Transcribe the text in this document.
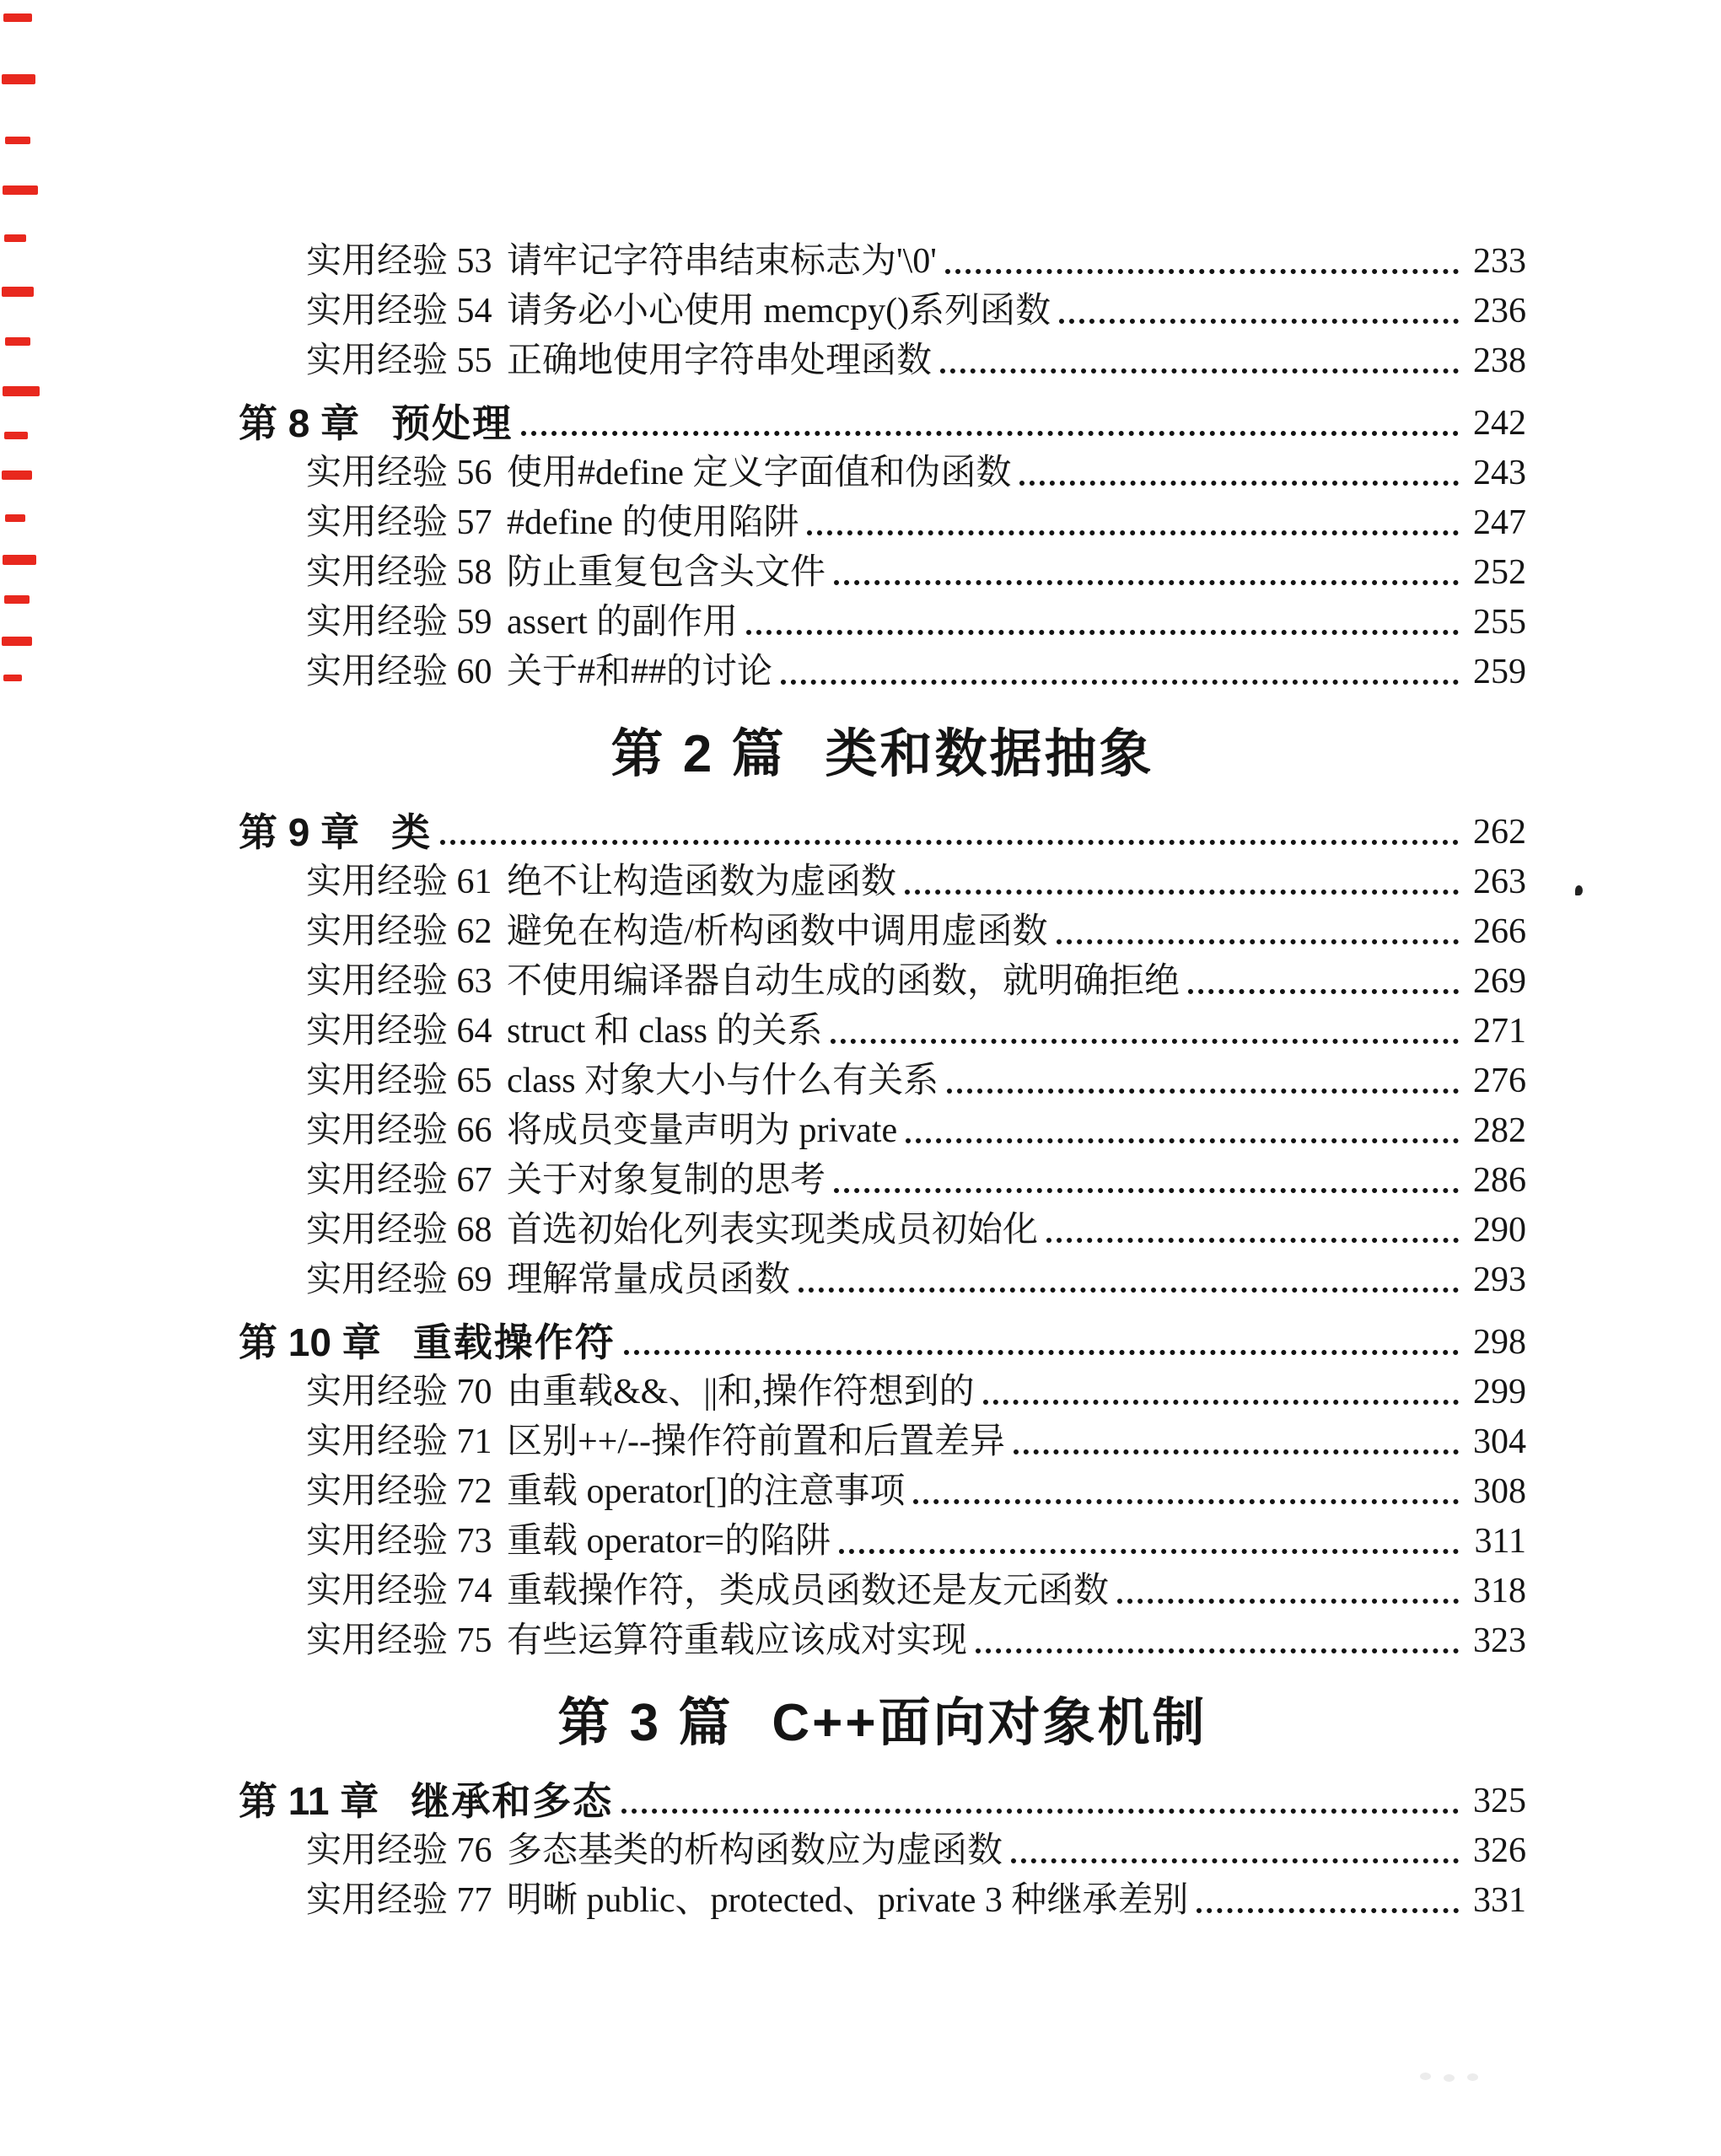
实用经验 53 请牢记字符串结束标志为'\0'	233
实用经验 54 请务必小心使用 memcpy()系列函数	236
实用经验 55 正确地使用字符串处理函数	238
第 8 章 预处理	242
实用经验 56 使用#define 定义字面值和伪函数	243
实用经验 57 #define 的使用陷阱	247
实用经验 58 防止重复包含头文件	252
实用经验 59 assert 的副作用	255
实用经验 60 关于#和##的讨论	259
第 2 篇 类和数据抽象
第 9 章 类	262
实用经验 61 绝不让构造函数为虚函数	263
实用经验 62 避免在构造/析构函数中调用虚函数	266
实用经验 63 不使用编译器自动生成的函数，就明确拒绝	269
实用经验 64 struct 和 class 的关系	271
实用经验 65 class 对象大小与什么有关系	276
实用经验 66 将成员变量声明为 private	282
实用经验 67 关于对象复制的思考	286
实用经验 68 首选初始化列表实现类成员初始化	290
实用经验 69 理解常量成员函数	293
第 10 章 重载操作符	298
实用经验 70 由重载&&、||和,操作符想到的	299
实用经验 71 区别++/--操作符前置和后置差异	304
实用经验 72 重载 operator[]的注意事项	308
实用经验 73 重载 operator=的陷阱	311
实用经验 74 重载操作符，类成员函数还是友元函数	318
实用经验 75 有些运算符重载应该成对实现	323
第 3 篇 C++面向对象机制
第 11 章 继承和多态	325
实用经验 76 多态基类的析构函数应为虚函数	326
实用经验 77 明晰 public、protected、private 3 种继承差别	331
